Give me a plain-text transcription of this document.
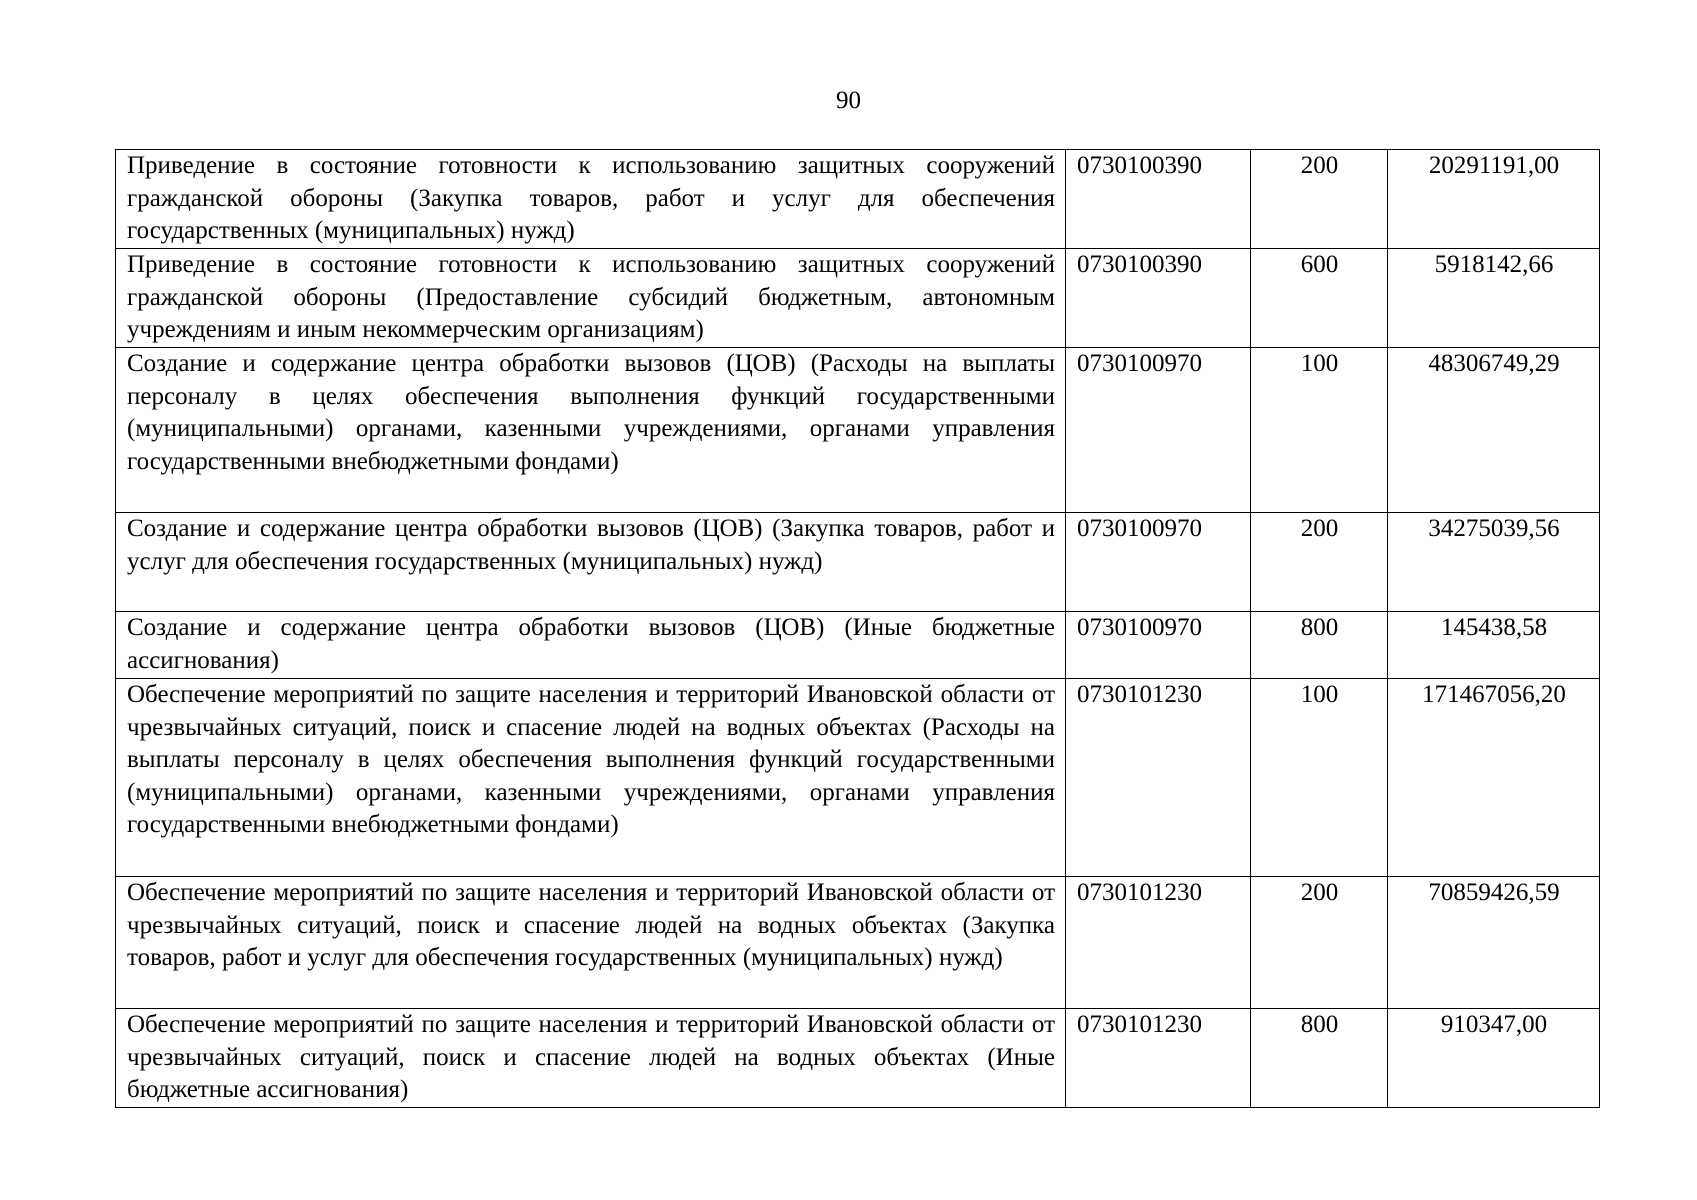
90
Приведение в состояние готовности к использованию защитных сооружений гражданской обороны (Закупка товаров, работ и услуг для обеспечения государственных (муниципальных) нужд)	0730100390	200	20291191,00
Приведение в состояние готовности к использованию защитных сооружений гражданской обороны (Предоставление субсидий бюджетным, автономным учреждениям и иным некоммерческим организациям)	0730100390	600	5918142,66
Создание и содержание центра обработки вызовов (ЦОВ) (Расходы на выплаты персоналу в целях обеспечения выполнения функций государственными (муниципальными) органами, казенными учреждениями, органами управления государственными внебюджетными фондами)	0730100970	100	48306749,29
Создание и содержание центра обработки вызовов (ЦОВ) (Закупка товаров, работ и услуг для обеспечения государственных (муниципальных) нужд)	0730100970	200	34275039,56
Создание и содержание центра обработки вызовов (ЦОВ) (Иные бюджетные ассигнования)	0730100970	800	145438,58
Обеспечение мероприятий по защите населения и территорий Ивановской области от чрезвычайных ситуаций, поиск и спасение людей на водных объектах (Расходы на выплаты персоналу в целях обеспечения выполнения функций государственными (муниципальными) органами, казенными учреждениями, органами управления государственными внебюджетными фондами)	0730101230	100	171467056,20
Обеспечение мероприятий по защите населения и территорий Ивановской области от чрезвычайных ситуаций, поиск и спасение людей на водных объектах (Закупка товаров, работ и услуг для обеспечения государственных (муниципальных) нужд)	0730101230	200	70859426,59
Обеспечение мероприятий по защите населения и территорий Ивановской области от чрезвычайных ситуаций, поиск и спасение людей на водных объектах (Иные бюджетные ассигнования)	0730101230	800	910347,00
